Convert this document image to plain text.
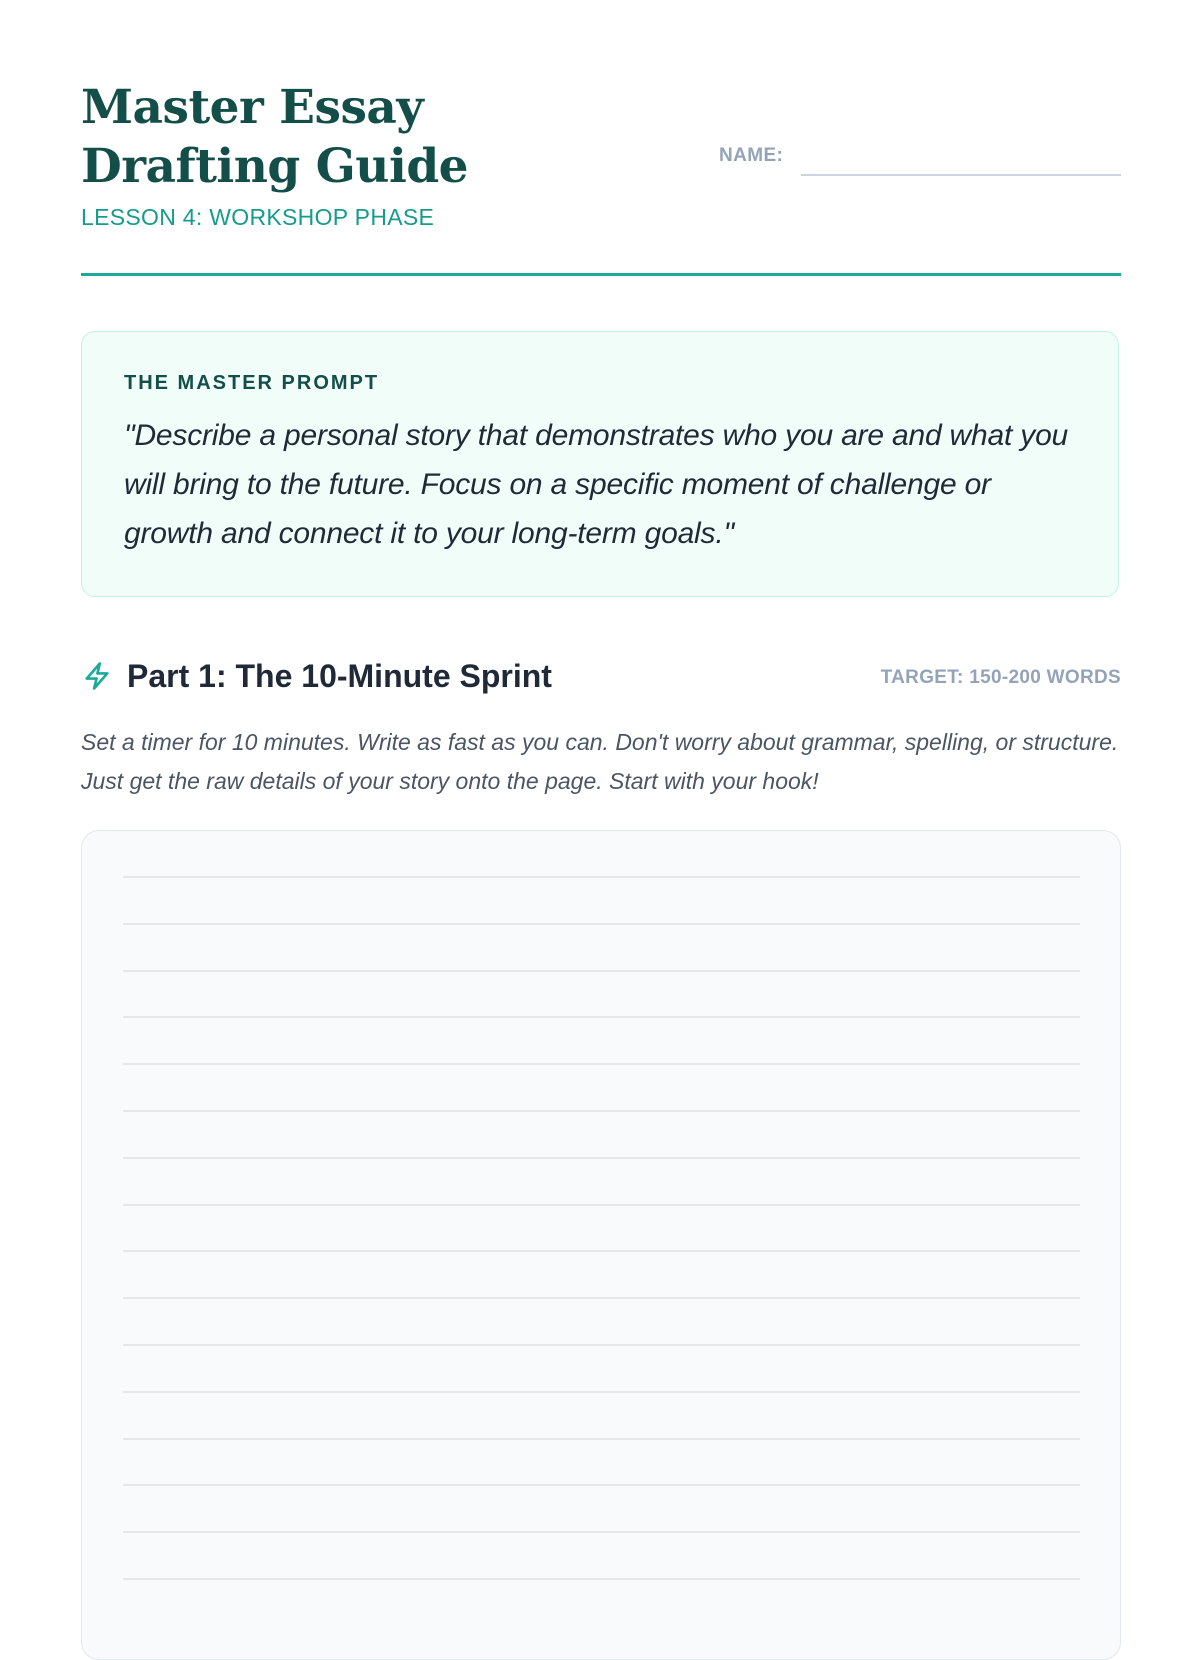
Master Essay Drafting Guide
LESSON 4: WORKSHOP PHASE
NAME:
THE MASTER PROMPT

"Describe a personal story that demonstrates who you are and what you will bring to the future. Focus on a specific moment of challenge or growth and connect it to your long-term goals."

Part 1: The 10-Minute Sprint	TARGET: 150-200 WORDS

Set a timer for 10 minutes. Write as fast as you can. Don't worry about grammar, spelling, or structure. Just get the raw details of your story onto the page. Start with your hook!
